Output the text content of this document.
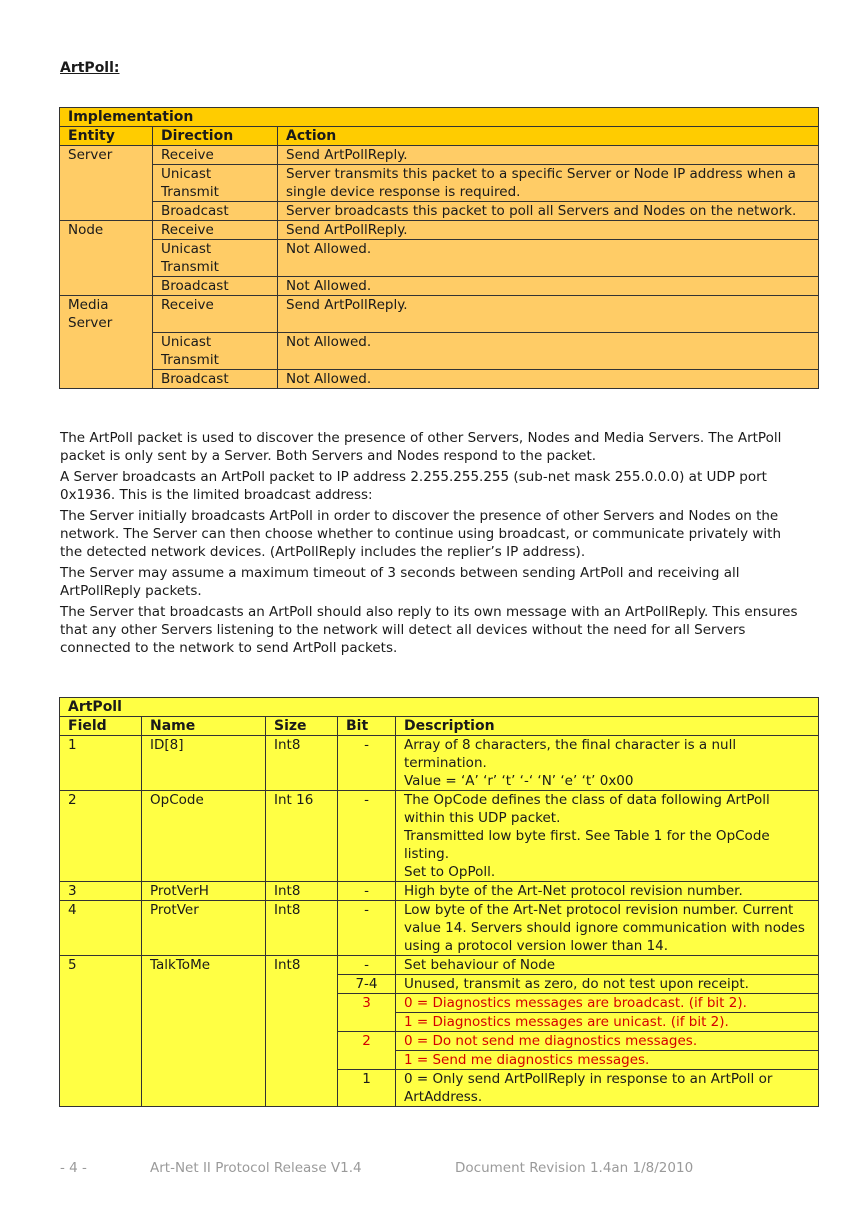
ArtPoll:
Implementation		
Entity	Direction	Action
Server	Receive	Send ArtPollReply.
	Unicast Transmit	Server transmits this packet to a specific Server or Node IP address when a single device response is required.
	Broadcast	Server broadcasts this packet to poll all Servers and Nodes on the network.
Node	Receive	Send ArtPollReply.
	Unicast Transmit	Not Allowed.
	Broadcast	Not Allowed.
Media Server	Receive	Send ArtPollReply.
	Unicast Transmit	Not Allowed.
	Broadcast	Not Allowed.

The ArtPoll packet is used to discover the presence of other Servers, Nodes and Media Servers. The ArtPoll packet is only sent by a Server. Both Servers and Nodes respond to the packet.

A Server broadcasts an ArtPoll packet to IP address 2.255.255.255 (sub-net mask 255.0.0.0) at UDP port 0x1936. This is the limited broadcast address:

The Server initially broadcasts ArtPoll in order to discover the presence of other Servers and Nodes on the network. The Server can then choose whether to continue using broadcast, or communicate privately with the detected network devices. (ArtPollReply includes the replier’s IP address).

The Server may assume a maximum timeout of 3 seconds between sending ArtPoll and receiving all ArtPollReply packets.

The Server that broadcasts an ArtPoll should also reply to its own message with an ArtPollReply. This ensures that any other Servers listening to the network will detect all devices without the need for all Servers connected to the network to send ArtPoll packets.

ArtPoll				
Field	Name	Size	Bit	Description
1	ID[8]	Int8	-	Array of 8 characters, the final character is a null termination.
Value = ‘A’ ‘r’ ‘t’ ‘-‘ ‘N’ ‘e’ ‘t’ 0x00

2	OpCode	Int 16	-	The OpCode defines the class of data following ArtPoll within this UDP packet.
Transmitted low byte first. See Table 1 for the OpCode listing.
Set to OpPoll.

3	ProtVerH	Int8	-	High byte of the Art-Net protocol revision number.
4	ProtVer	Int8	-	Low byte of the Art-Net protocol revision number. Current value 14. Servers should ignore communication with nodes using a protocol version lower than 14.
5	TalkToMe	Int8	-	Set behaviour of Node
			7-4	Unused, transmit as zero, do not test upon receipt.
			3	0 = Diagnostics messages are broadcast. (if bit 2).
				1 = Diagnostics messages are unicast. (if bit 2).
			2	0 = Do not send me diagnostics messages.
				1 = Send me diagnostics messages.
			1	0 = Only send ArtPollReply in response to an ArtPoll or ArtAddress.
- 4 -	Art-Net II Protocol Release V1.4	Document Revision 1.4an 1/8/2010
